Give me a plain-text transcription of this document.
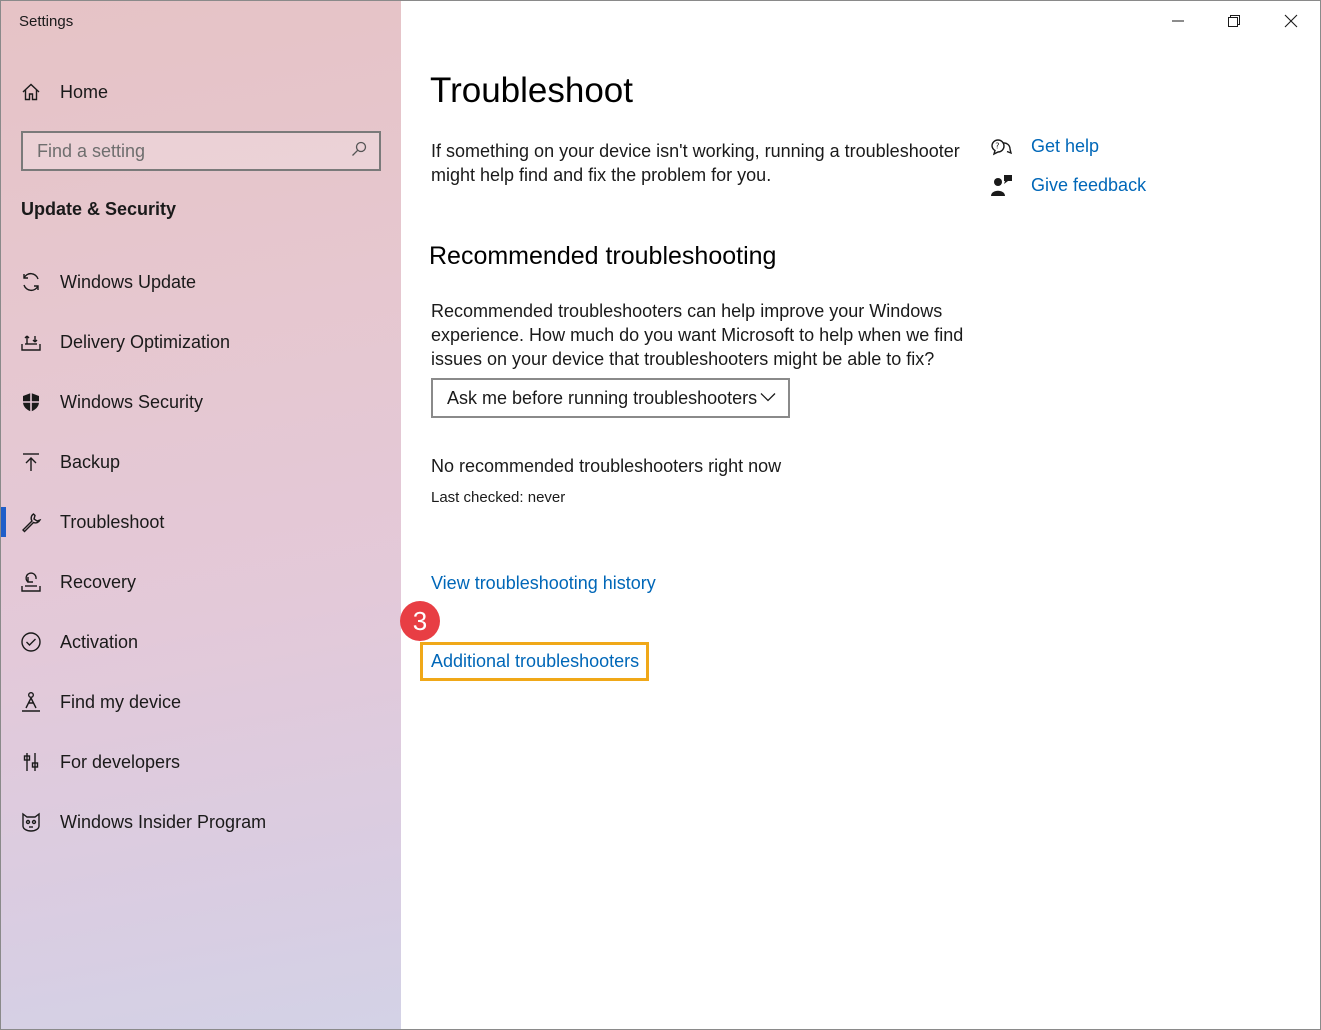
Settings
Home
Find a setting
Update & Security
Windows Update
Delivery Optimization
Windows Security
Backup
Troubleshoot
Recovery
Activation
Find my device
For developers
Windows Insider Program
Troubleshoot
If something on your device isn't working, running a troubleshooter might help find and fix the problem for you.
? Get help
Give feedback
Recommended troubleshooting
Recommended troubleshooters can help improve your Windows experience. How much do you want Microsoft to help when we find issues on your device that troubleshooters might be able to fix?
Ask me before running troubleshooters
No recommended troubleshooters right now
Last checked: never
View troubleshooting history
Additional troubleshooters
3
